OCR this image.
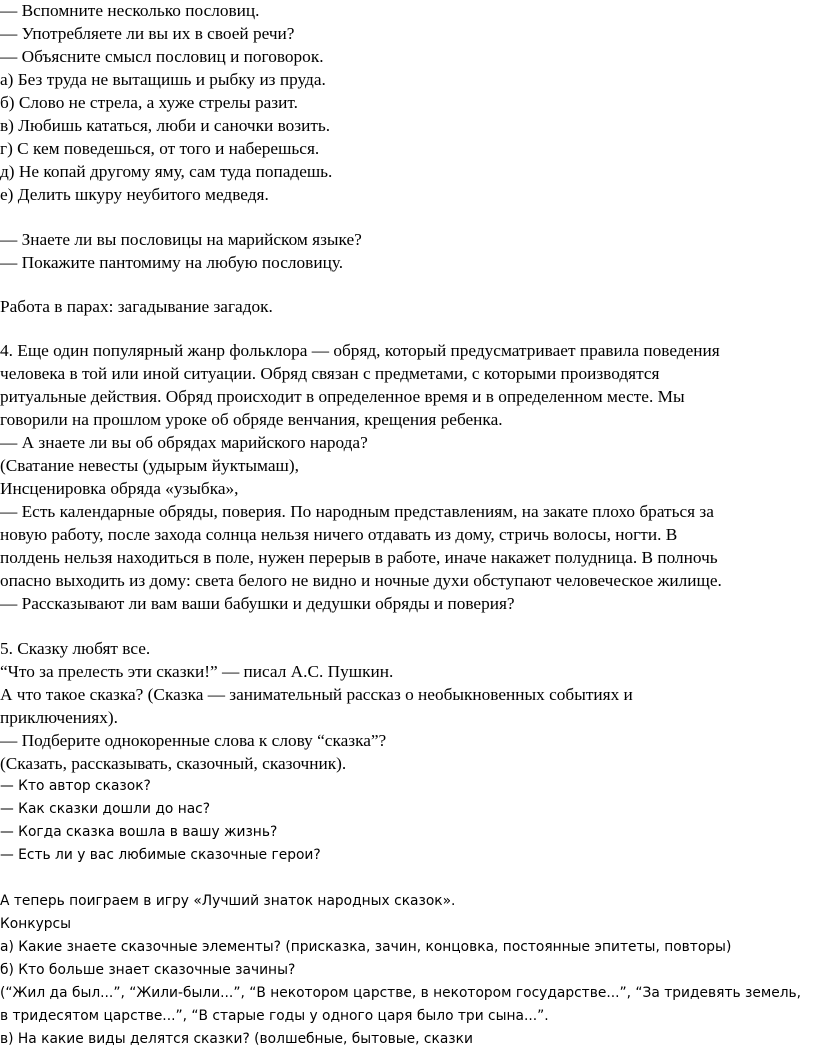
— Вспомните несколько пословиц.
— Употребляете ли вы их в своей речи?
— Объясните смысл пословиц и поговорок.
а) Без труда не вытащишь и рыбку из пруда.
б) Слово не стрела, а хуже стрелы разит.
в) Любишь кататься, люби и саночки возить.
г) С кем поведешься, от того и наберешься.
д) Не копай другому яму, сам туда попадешь.
е) Делить шкуру неубитого медведя.
— Знаете ли вы пословицы на марийском языке?
— Покажите пантомиму на любую пословицу.
Работа в парах: загадывание загадок.
4. Еще один популярный жанр фольклора — обряд, который предусматривает правила поведения
человека в той или иной ситуации. Обряд связан с предметами, с которыми производятся
ритуальные действия. Обряд происходит в определенное время и в определенном месте. Мы
говорили на прошлом уроке об обряде венчания, крещения ребенка.
— А знаете ли вы об обрядах марийского народа?
(Сватание невесты (удырым йуктымаш),
Инсценировка обряда «узыбка»,
— Есть календарные обряды, поверия. По народным представлениям, на закате плохо браться за
новую работу, после захода солнца нельзя ничего отдавать из дому, стричь волосы, ногти. В
полдень нельзя находиться в поле, нужен перерыв в работе, иначе накажет полудница. В полночь
опасно выходить из дому: света белого не видно и ночные духи обступают человеческое жилище.
— Рассказывают ли вам ваши бабушки и дедушки обряды и поверия?
5. Сказку любят все.
“Что за прелесть эти сказки!” — писал А.С. Пушкин.
А что такое сказка? (Сказка — занимательный рассказ о необыкновенных событиях и
приключениях).
— Подберите однокоренные слова к слову “сказка”?
(Сказать, рассказывать, сказочный, сказочник).
— Кто автор сказок?
— Как сказки дошли до нас?
— Когда сказка вошла в вашу жизнь?
— Есть ли у вас любимые сказочные герои?
А теперь поиграем в игру «Лучший знаток народных сказок».
Конкурсы
а) Какие знаете сказочные элементы? (присказка, зачин, концовка, постоянные эпитеты, повторы)
б) Кто больше знает сказочные зачины?
(“Жил да был...”, “Жили-были...”, “В некотором царстве, в некотором государстве...”, “За тридевять земель,
в тридесятом царстве...”, “В старые годы у одного царя было три сына...”.
в) На какие виды делятся сказки? (волшебные, бытовые, сказки
